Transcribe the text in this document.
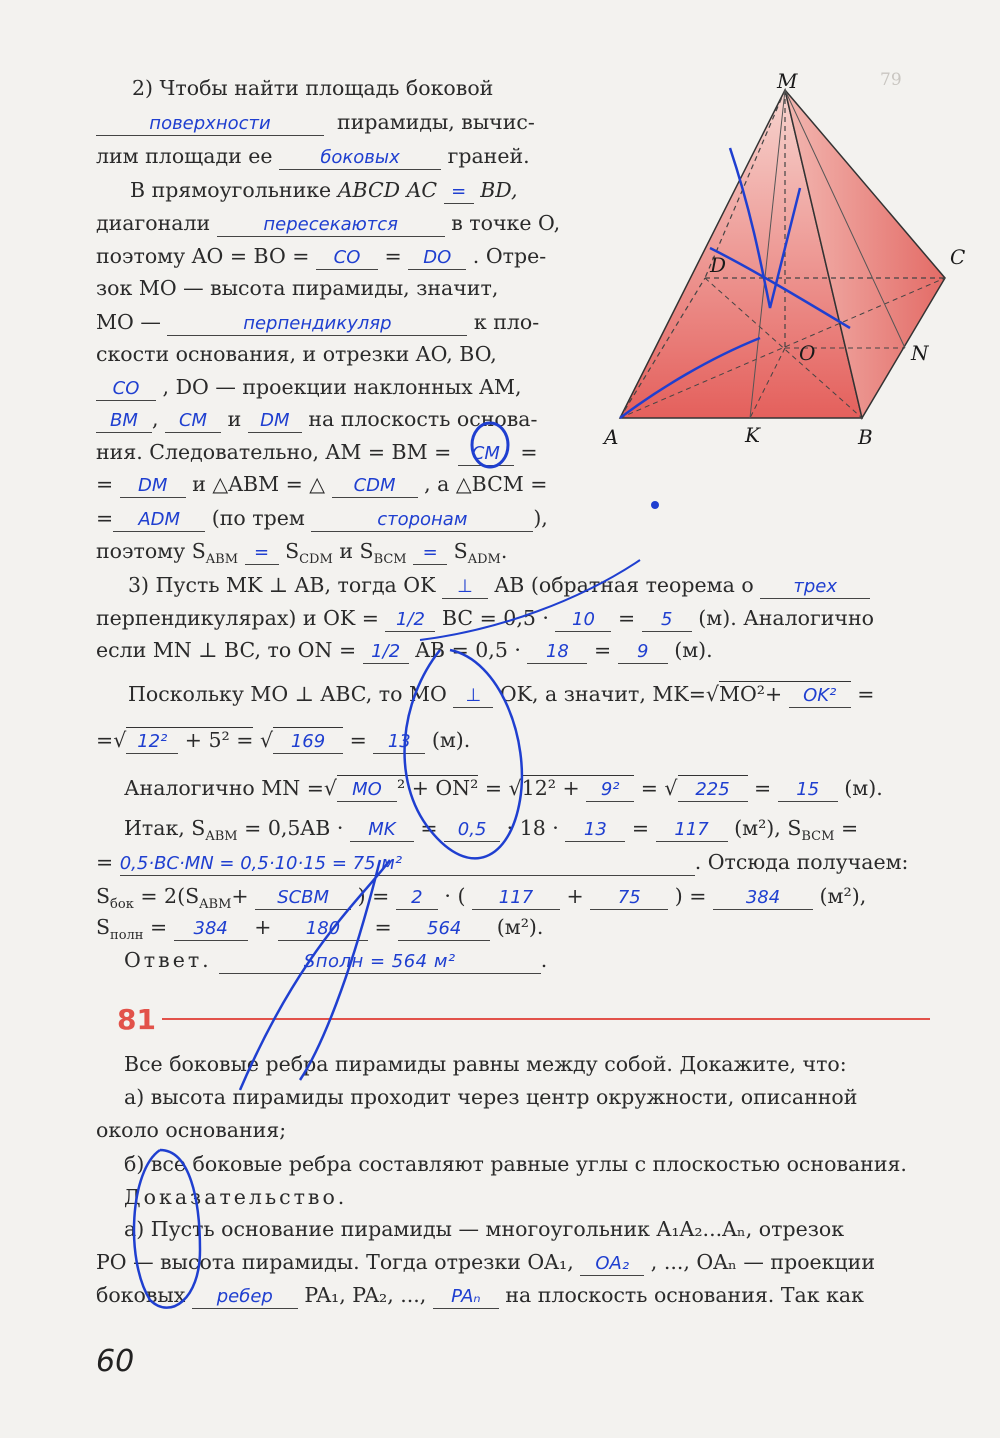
79
M
C
D
O	N
A	K	B
2) Чтобы найти площадь боковой
поверхности	пирамиды, вычис-
лим площади ее	боковых граней.
В прямоугольнике ABCD AC = BD,
диагонали	пересекаются	в точке O,
поэтому AO = BO = CO = DO . Отре-
зок MO — высота пирамиды, значит,
MO —	перпендикуляр	к пло-
скости основания, и отрезки AO, BO,
CO , DO — проекции наклонных AM,
BM , CM и DM на плоскость основа-
ния. Следовательно, AM = BM = CM =
= DM и △ABM = △ CDM , а △BCM =
= ADM (по трем	сторонам	),
поэтому $S_{ABM} = S_{CDM}$ и $S_{BCM} = S_{ADM}$.
3) Пусть MK ⊥ AB, тогда OK ⊥ AB (обратная теорема о трех
перпендикулярах) и OK = 1/2 BC = 0,5 · 10 = 5 (м). Аналогично
если MN ⊥ BC, то ON = 1/2 AB = 0,5 · 18 = 9 (м).
Поскольку MO ⊥ ABC, то MO ⊥ OK, а значит, MK=√MO²+ OK² =
=√ 12² + 5² = √ 169 = 13 (м).
Аналогично MN =√ MO ² + ON² = √12² + 9² = √ 225 = 15 (м).
Итак, $S_{ABM} = 0,5AB$ · MK = 0,5 · 18 · 13 = 117 (м²), $S_{BCM}$ =
= 0,5·BC·MN = 0,5·10·15 = 75 м²	. Отсюда получаем:
$S_{бок} = 2(S_{ABM}+$ SCBM ) = 2 · ( 117 + 75 ) = 384 (м²),
$S_{полн} = 384 + 180 = 564$ (м²).
Ответ.	Sполн = 564 м²	.
81
Все боковые ребра пирамиды равны между собой. Докажите, что:
а) высота пирамиды проходит через центр окружности, описанной
около основания;
б) все боковые ребра составляют равные углы с плоскостью основания.
Доказательство.
а) Пусть основание пирамиды — многоугольник A₁A₂...Aₙ, отрезок
PO — высота пирамиды. Тогда отрезки OA₁, OA₂ , ..., OAₙ — проекции
боковых ребер PA₁, PA₂, ..., PAₙ на плоскость основания. Так как
60
